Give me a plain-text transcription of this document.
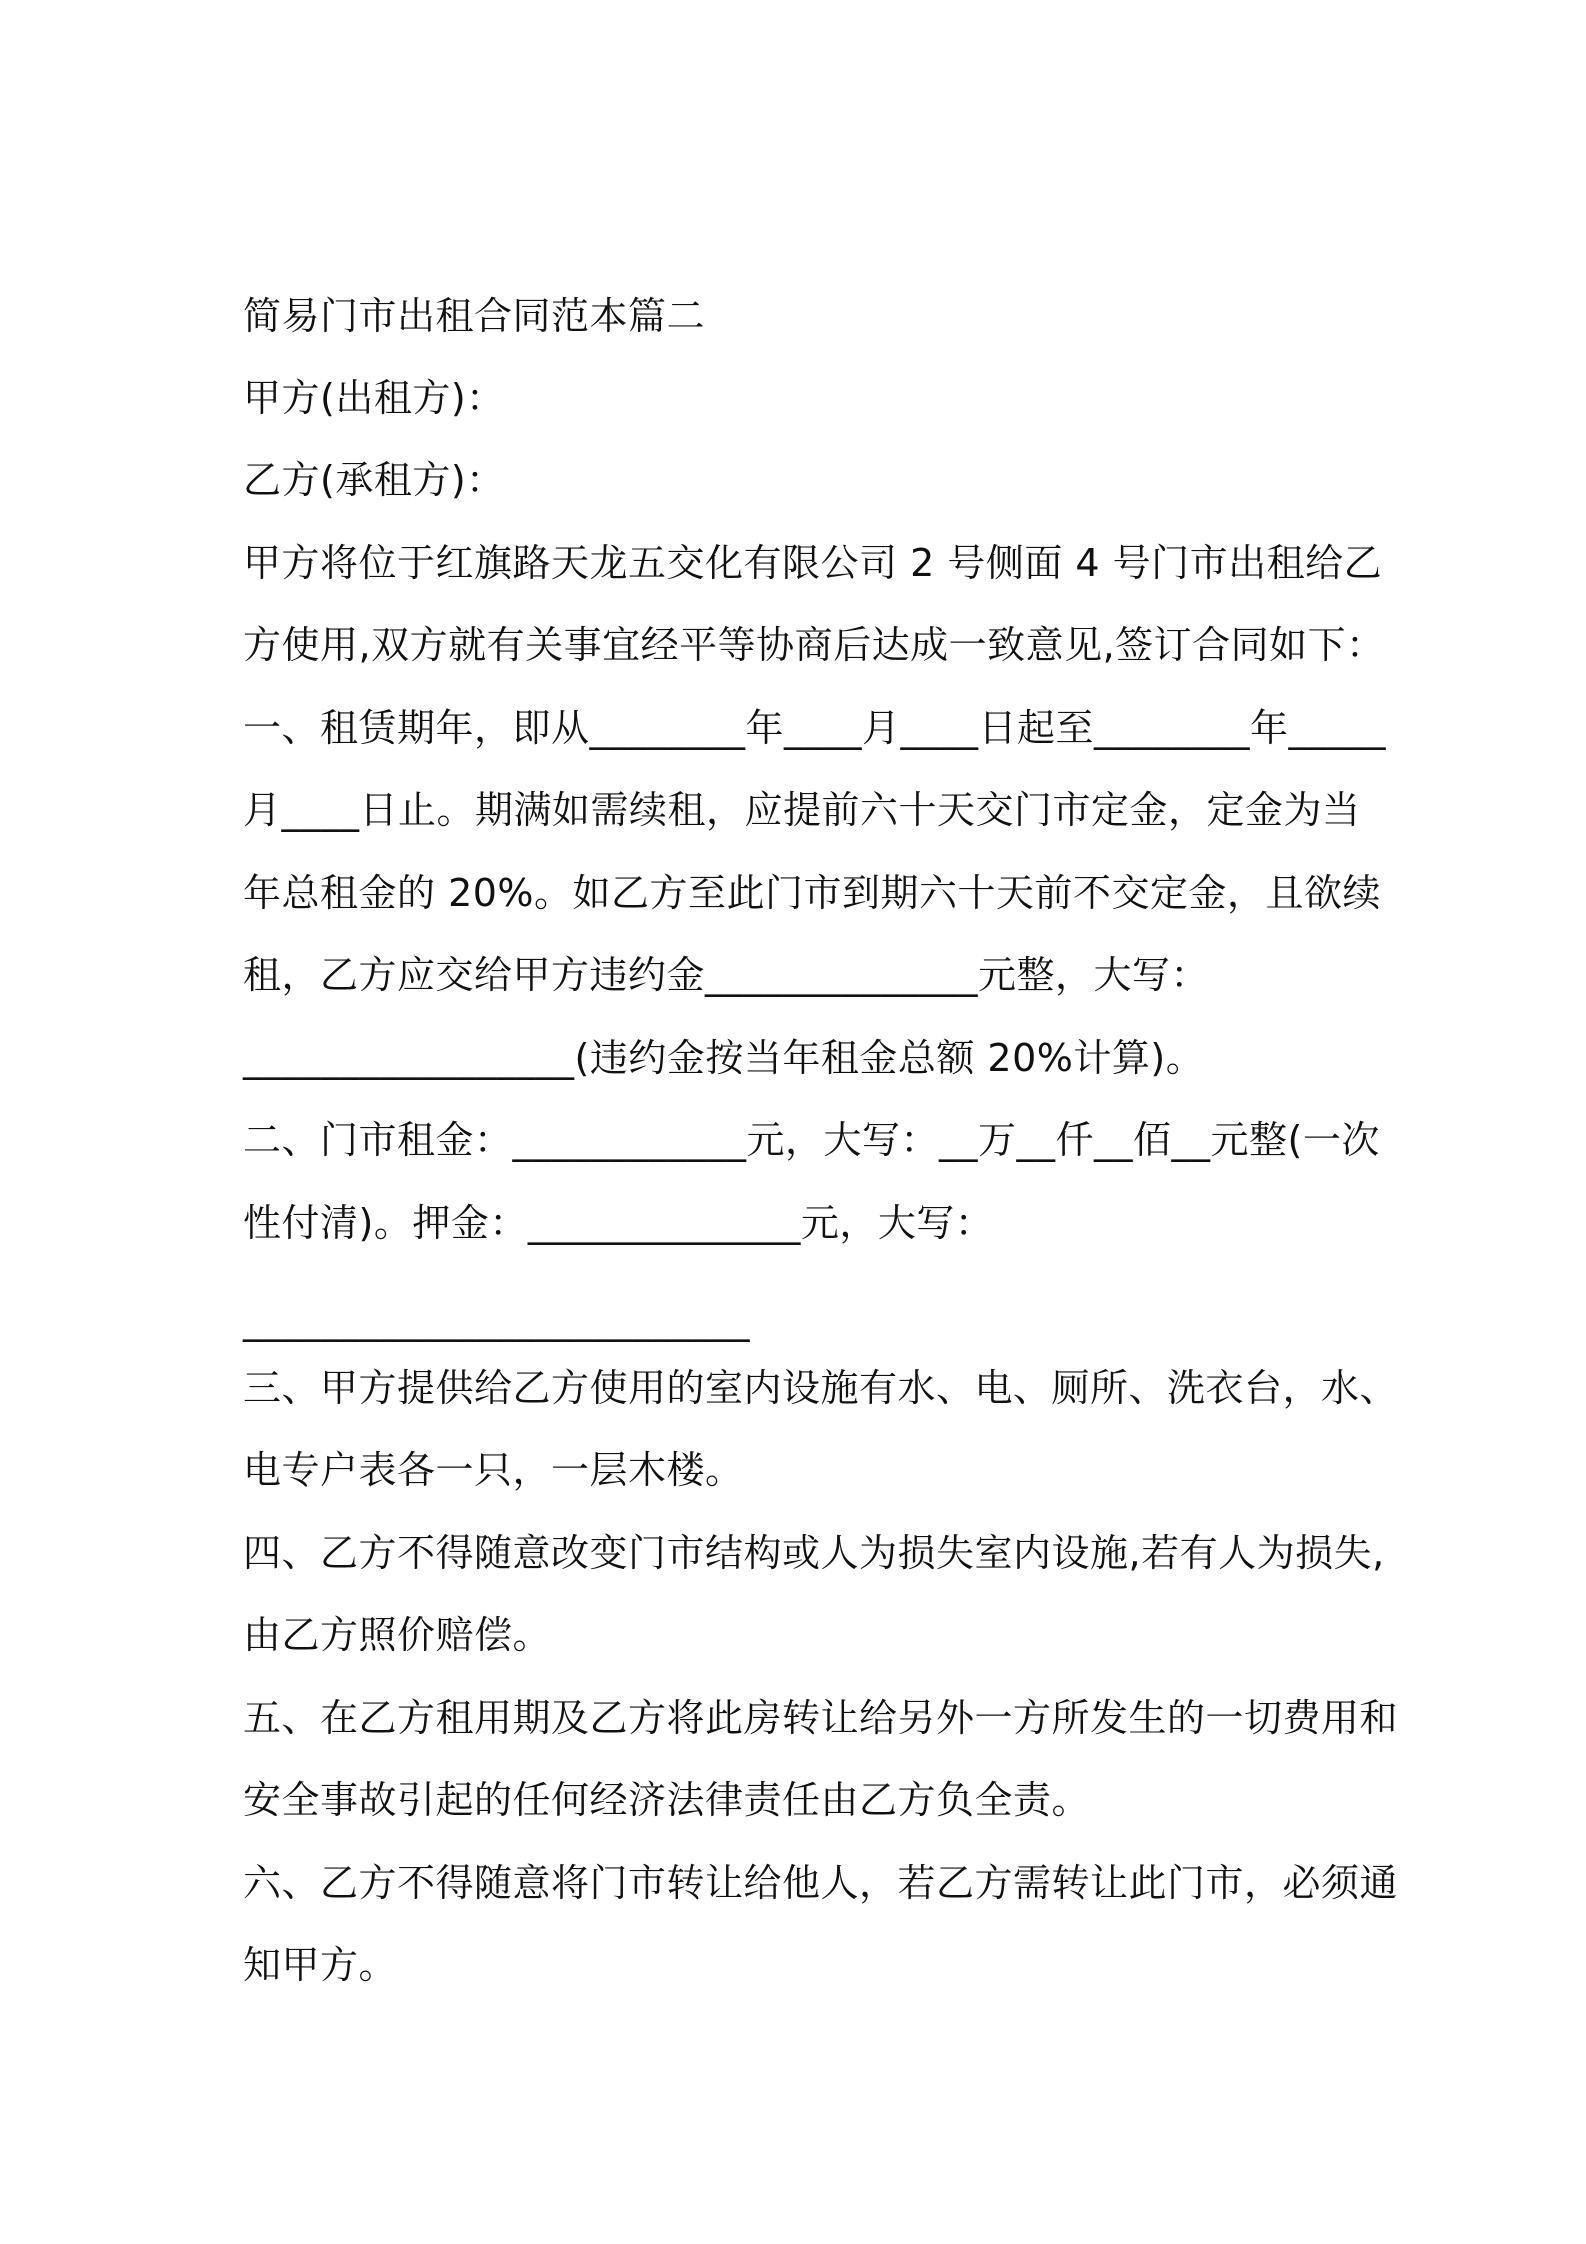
简易门市出租合同范本篇二
甲方(出租方)：
乙方(承租方)：
甲方将位于红旗路天龙五交化有限公司 2 号侧面 4 号门市出租给乙
方使用,双方就有关事宜经平等协商后达成一致意见,签订合同如下：
一、租赁期年，即从________年____月____日起至________年_____
月____日止。期满如需续租，应提前六十天交门市定金，定金为当
年总租金的 20%。如乙方至此门市到期六十天前不交定金，且欲续
租，乙方应交给甲方违约金______________元整，大写：
_________________(违约金按当年租金总额 20%计算)。
二、门市租金：____________元，大写：__万__仟__佰__元整(一次
性付清)。押金：______________元，大写：
__________________________
三、甲方提供给乙方使用的室内设施有水、电、厕所、洗衣台，水、
电专户表各一只，一层木楼。
四、乙方不得随意改变门市结构或人为损失室内设施,若有人为损失,
由乙方照价赔偿。
五、在乙方租用期及乙方将此房转让给另外一方所发生的一切费用和
安全事故引起的任何经济法律责任由乙方负全责。
六、乙方不得随意将门市转让给他人，若乙方需转让此门市，必须通
知甲方。
